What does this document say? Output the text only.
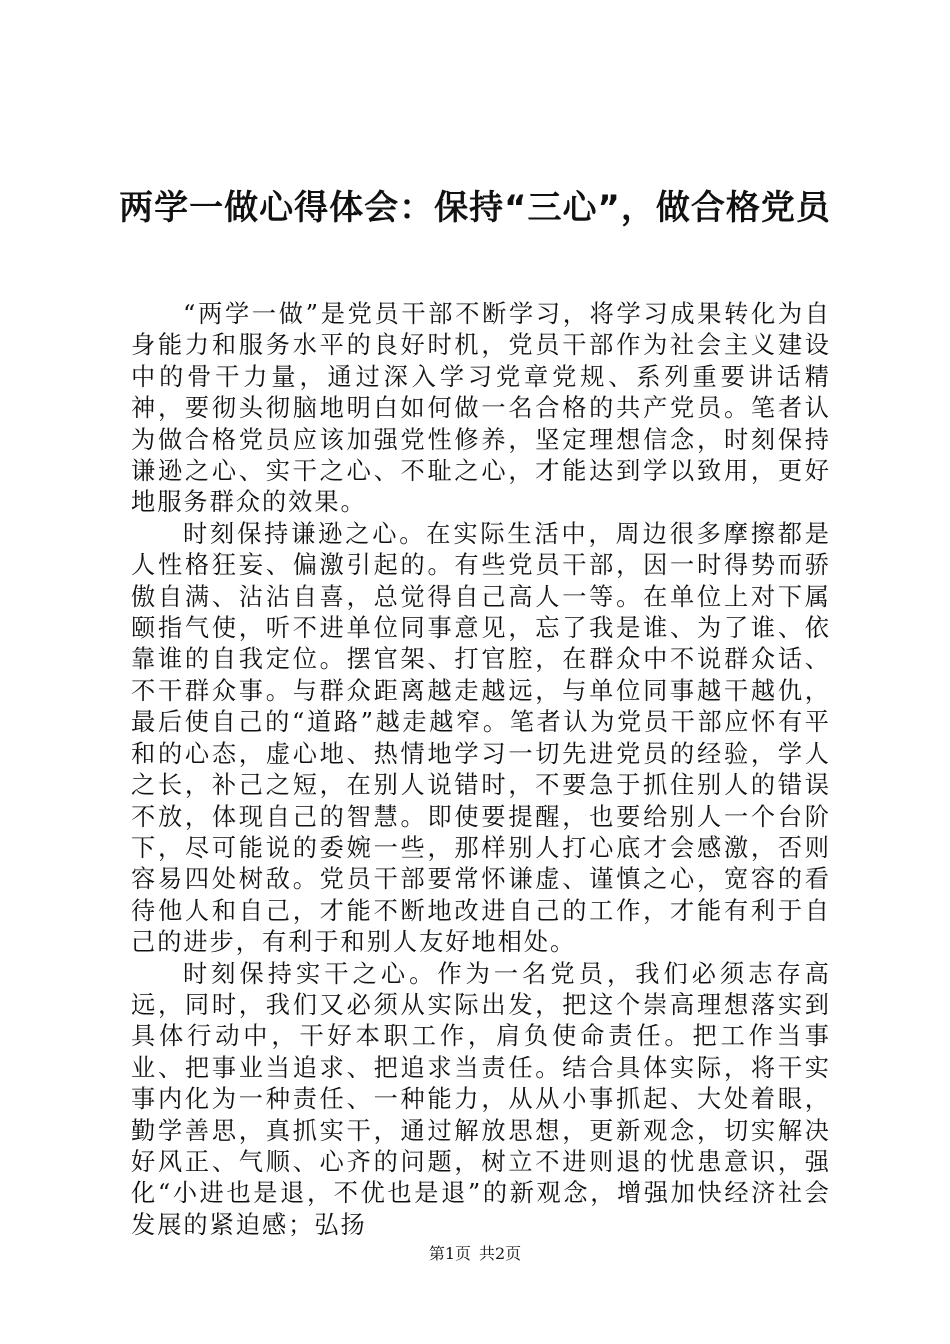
两学一做心得体会：保持“三心”，做合格党员

“两学一做”是党员干部不断学习，将学习成果转化为自身能力和服务水平的良好时机，党员干部作为社会主义建设中的骨干力量，通过深入学习党章党规、系列重要讲话精神，要彻头彻脑地明白如何做一名合格的共产党员。笔者认为做合格党员应该加强党性修养，坚定理想信念，时刻保持谦逊之心、实干之心、不耻之心，才能达到学以致用，更好地服务群众的效果。

时刻保持谦逊之心。在实际生活中，周边很多摩擦都是人性格狂妄、偏激引起的。有些党员干部，因一时得势而骄傲自满、沾沾自喜，总觉得自己高人一等。在单位上对下属颐指气使，听不进单位同事意见，忘了我是谁、为了谁、依靠谁的自我定位。摆官架、打官腔，在群众中不说群众话、不干群众事。与群众距离越走越远，与单位同事越干越仇，最后使自己的“道路”越走越窄。笔者认为党员干部应怀有平和的心态，虚心地、热情地学习一切先进党员的经验，学人之长，补己之短，在别人说错时，不要急于抓住别人的错误不放，体现自己的智慧。即使要提醒，也要给别人一个台阶下，尽可能说的委婉一些，那样别人打心底才会感激，否则容易四处树敌。党员干部要常怀谦虚、谨慎之心，宽容的看待他人和自己，才能不断地改进自己的工作，才能有利于自己的进步，有利于和别人友好地相处。

时刻保持实干之心。作为一名党员，我们必须志存高远，同时，我们又必须从实际出发，把这个崇高理想落实到具体行动中，干好本职工作，肩负使命责任。把工作当事业、把事业当追求、把追求当责任。结合具体实际，将干实事内化为一种责任、一种能力，从从小事抓起、大处着眼，勤学善思，真抓实干，通过解放思想，更新观念，切实解决好风正、气顺、心齐的问题，树立不进则退的忧患意识，强化“小进也是退，不优也是退”的新观念，增强加快经济社会发展的紧迫感；弘扬

第1页 共2页
